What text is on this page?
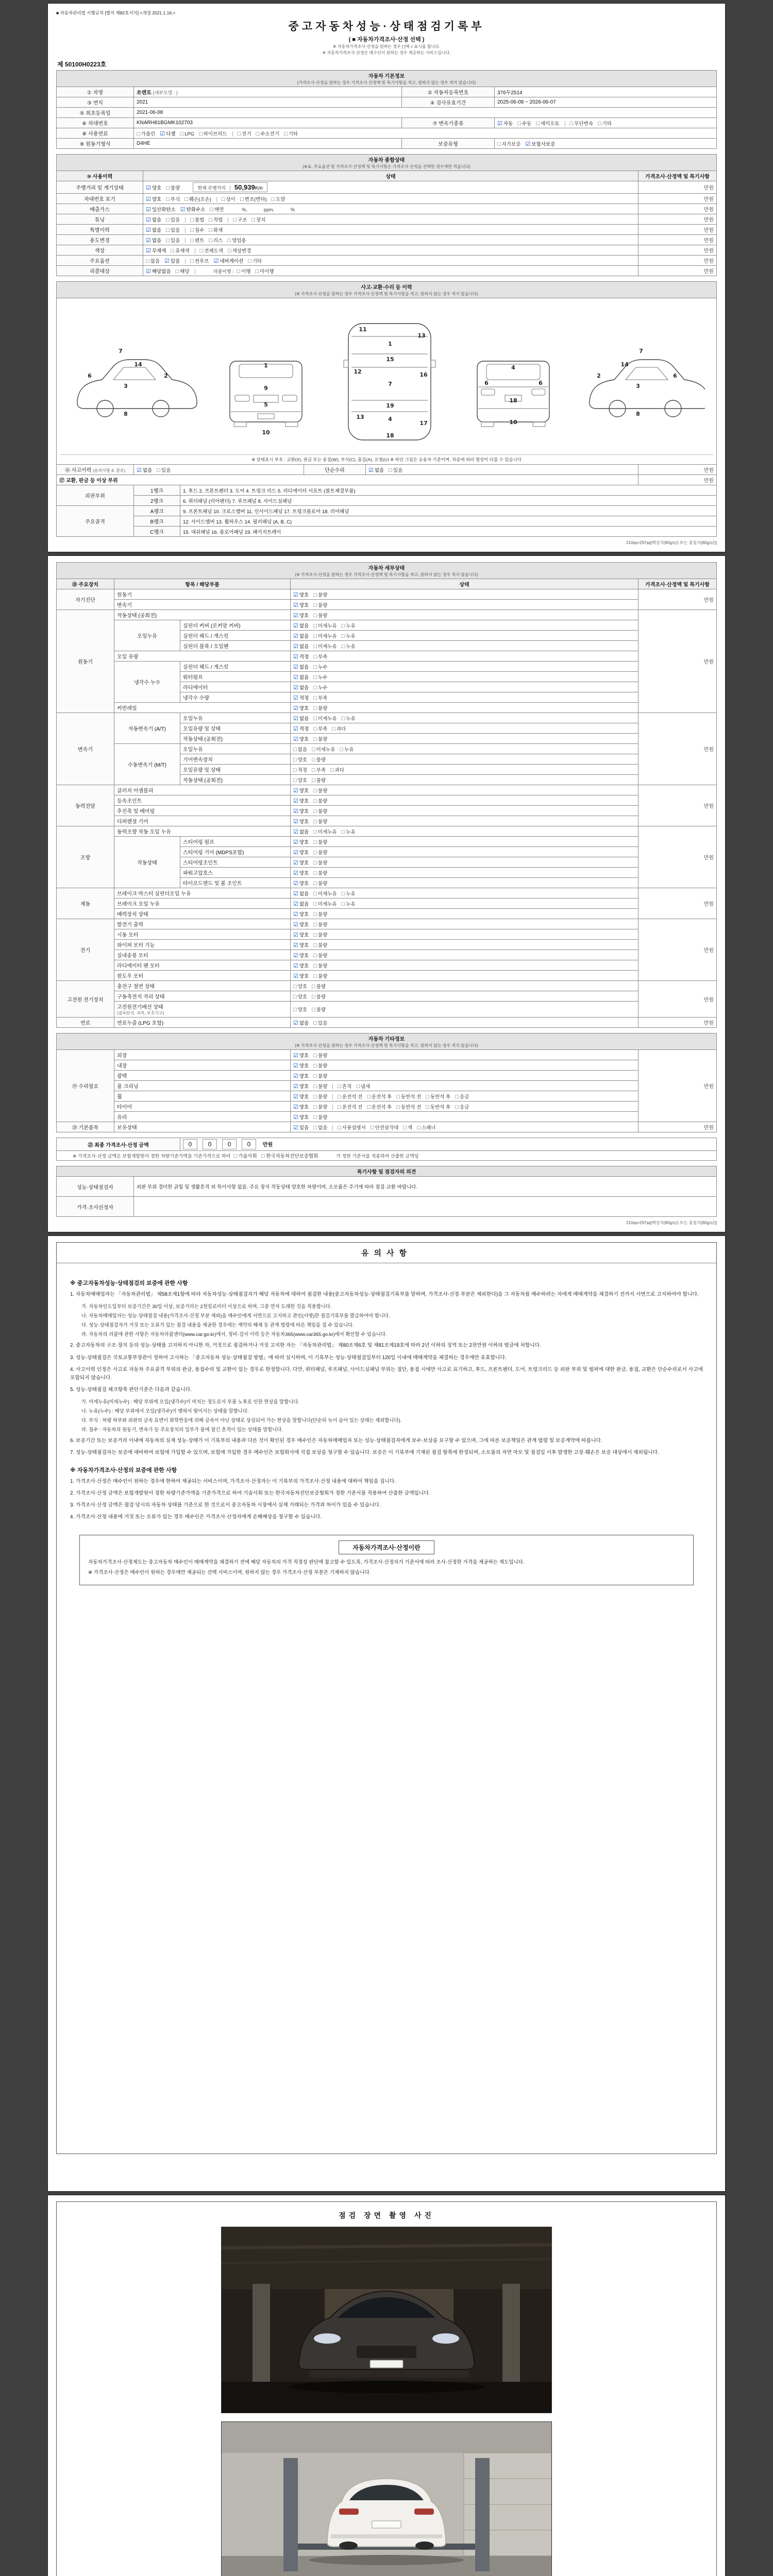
■ 자동차관리법 시행규칙 [별지 제82호서식] <개정 2021.1.16.>
중고자동차성능·상태점검기록부
( ■ 자동차가격조사·산정 선택 )
※ 자동차가격조사·산정을 원하는 경우 [ ]에 √ 표시를 합니다.
※ 자동차가격조사·산정은 매수인이 원하는 경우 제공하는 서비스입니다.
제 50100H0223호
자동차 기본정보
(가격조사·산정을 원하는 경우 가격조사·산정액 및 특기사항을 적고, 원하지 않는 경우 적지 않습니다)			

① 차명	쏘렌토 (세부모델 : )	② 자동차등록번호	376두2514
③ 연식	2021	④ 검사유효기간	2025-06-08 ~ 2026-06-07
⑤ 최초등록일	2021-06-08		
⑥ 차대번호	KNARH81BGMK102703	⑦ 변속기종류	☑ 자동 □ 수동 □ 세미오토 □ 무단변속 □ 기타
⑧ 사용연료	□ 가솔린 ☑ 디젤 □ LPG □ 하이브리드 □ 전기 □ 수소전기 □ 기타		
⑨ 원동기형식	D4HE	보증유형	□ 자가보증 ☑ 보험사보증
자동차 종합상태
(※표, 주요옵션 및 가격조사·산정액 및 특기사항은 가격조사·산정을 선택한 경우에만 적습니다)		

⑩ 사용이력	상태	가격조사·산정액 및 특기사항
주행거리 및 계기상태	☑ 양호 □ 불량 현재 주행거리 50,939Km	만원
차대번호 표기	☑ 양호 □ 부식 □ 훼손(오손) □ 상이 □ 변조(변타) □ 도말	만원
배출가스	☑ 일산화탄소 ☑ 탄화수소 □ 매연 %, ppm, %	만원
튜닝	☑ 없음 □ 있음 □ 불법 □ 적법 □ 구조 □ 장치	만원
특별이력	☑ 없음 □ 있음 □ 침수 □ 화재	만원
용도변경	☑ 없음 □ 있음 □ 렌트 □ 리스 □ 영업용	만원
색상	☑ 무채색 □ 유채색 □ 전체도색 □ 색상변경	만원
주요옵션	□ 없음 ☑ 있음 □ 썬루프 ☑ 네비게이션 □ 기타	만원
리콜대상	☑ 해당없음 □ 해당 리콜이행 : □ 이행 □ 미이행	만원
사고·교환·수리 등 이력
(※ 가격조사·산정을 원하는 경우 가격조사·산정액 및 특기사항을 적고, 원하지 않는 경우 적지 않습니다)
7
14
6
3
2
8
1
9
5
10
11
13
1
15
12	16
7
19
13	4
17
18
4
6	6
18
10
2
7
14
3
6
8
※ 상태표시 부호 : 교환(X), 판금 또는 용접(W), 부식(C), 흠집(A), 요철(U) ※ 하단 그림은 승용차 기준이며, 차종에 따라 형상이 다를 수 있습니다
⑯ 사고이력 (유의사항 4. 참조)	☑ 없음 □ 있음	단순수리	☑ 없음 □ 있음	만원
⑰ 교환, 판금 등 이상 부위			만원
외판부위	1랭크	1. 후드 2. 프론트펜더 3. 도어 4. 트렁크 리드 5. 라디에이터 서포트 (볼트체결부품)	
	2랭크	6. 쿼터패널 (리어펜더) 7. 루프패널 8. 사이드실패널	
주요골격	A랭크	9. 프론트패널 10. 크로스멤버 11. 인사이드패널 17. 트렁크플로어 18. 리어패널	
	B랭크	12. 사이드멤버 13. 휠하우스 14. 필러패널 (A, B, C)	
	C랭크	15. 대쉬패널 16. 플로어패널 19. 패키지트레이	
210㎜×297㎜[백상지(80g/㎡) 또는 중질지(80g/㎡)]
자동차 세부상태
(※ 가격조사·산정을 원하는 경우 가격조사·산정액 및 특기사항을 적고, 원하지 않는 경우 적지 않습니다)				

⑱ 주요장치	항목 / 해당부품		상태	가격조사·산정액 및 특기사항
자기진단	원동기		☑ 양호 □ 불량	만원
	변속기		☑ 양호 □ 불량	
원동기	작동상태 (공회전)		☑ 양호 □ 불량	만원
	오일누유	실린더 커버 (로커암 커버)	☑ 없음 □ 미세누유 □ 누유	
		실린더 헤드 / 개스킷	☑ 없음 □ 미세누유 □ 누유	
		실린더 블록 / 오일팬	☑ 없음 □ 미세누유 □ 누유	
	오일 유량		☑ 적정 □ 부족	
	냉각수 누수	실린더 헤드 / 개스킷	☑ 없음 □ 누수	
		워터펌프	☑ 없음 □ 누수	
		라디에이터	☑ 없음 □ 누수	
		냉각수 수량	☑ 적정 □ 부족	
	커먼레일		☑ 양호 □ 불량	
변속기	자동변속기 (A/T)	오일누유	☑ 없음 □ 미세누유 □ 누유	만원
		오일유량 및 상태	☑ 적정 □ 부족 □ 과다	
		작동상태 (공회전)	☑ 양호 □ 불량	
	수동변속기 (M/T)	오일누유	□ 없음 □ 미세누유 □ 누유	
		기어변속장치	□ 양호 □ 불량	
		오일유량 및 상태	□ 적정 □ 부족 □ 과다	
		작동상태 (공회전)	□ 양호 □ 불량	
동력전달	클러치 어셈블리		☑ 양호 □ 불량	만원
	등속조인트		☑ 양호 □ 불량	
	추진축 및 베어링		☑ 양호 □ 불량	
	디퍼렌셜 기어		☑ 양호 □ 불량	
조향	동력조향 작동 오일 누유		☑ 없음 □ 미세누유 □ 누유	만원
	작동상태	스티어링 펌프	☑ 양호 □ 불량	
		스티어링 기어 (MDPS포함)	☑ 양호 □ 불량	
		스티어링조인트	☑ 양호 □ 불량	
		파워고압호스	☑ 양호 □ 불량	
		타이로드엔드 및 볼 조인트	☑ 양호 □ 불량	
제동	브레이크 마스터 실린더오일 누유		☑ 없음 □ 미세누유 □ 누유	만원
	브레이크 오일 누유		☑ 없음 □ 미세누유 □ 누유	
	배력장치 상태		☑ 양호 □ 불량	
전기	발전기 출력		☑ 양호 □ 불량	만원
	시동 모터		☑ 양호 □ 불량	
	와이퍼 모터 기능		☑ 양호 □ 불량	
	실내송풍 모터		☑ 양호 □ 불량	
	라디에이터 팬 모터		☑ 양호 □ 불량	
	윈도우 모터		☑ 양호 □ 불량	
고전원 전기장치	충전구 절연 상태		□ 양호 □ 불량	만원
	구동축전지 격리 상태		□ 양호 □ 불량	
	고전원전기배선 상태
(접속단자, 피복, 보호기구)		□ 양호 □ 불량	
연료	연료누출 (LPG 포함)		☑ 없음 □ 있음	만원
자동차 기타정보
(※ 가격조사·산정을 원하는 경우 가격조사·산정액 및 특기사항을 적고, 원하지 않는 경우 적지 않습니다)			

⑲ 수리필요	외장	☑ 양호 □ 불량	만원
	내장	☑ 양호 □ 불량	
	광택	☑ 양호 □ 불량	
	룸 크리닝	☑ 양호 □ 불량 □ 흔적 □ 냄새	
	휠	☑ 양호 □ 불량 □ 운전석 전 □ 운전석 후 □ 동반석 전 □ 동반석 후 □ 응급	
	타이어	☑ 양호 □ 불량 □ 운전석 전 □ 운전석 후 □ 동반석 전 □ 동반석 후 □ 응급	
	유리	☑ 양호 □ 불량	
⑳ 기본품목	보유상태	☑ 있음 □ 없음 □ 사용설명서 □ 안전삼각대 □ 잭 □ 스패너	만원
㉑ 최종 가격조사·산정 금액	0	0	0	0 만원
※ 가격조사·산정 금액은 보험개발원이 정한 차량기준가액을 기준가격으로 하여 □ 기술사회 □ 한국자동차진단보증협회	가 정한 기준서를 적용하여 산출한 금액임
특기사항 및 점검자의 의견	
성능·상태점검자	외판 부위 경미한 긁힘 및 생활흔적 외 특이사항 없음. 주요 장치 작동상태 양호한 차량이며, 소모품은 주기에 따라 점검·교환 바랍니다.
가격·조사산정자	
210㎜×297㎜[백상지(80g/㎡) 또는 중질지(80g/㎡)]
유의사항
※ 중고자동차성능·상태점검의 보증에 관한 사항
1. 자동차매매업자는 「자동차관리법」 제58조제1항에 따라 자동차성능·상태점검자가 해당 자동차에 대하여 점검한 내용(중고자동차성능·상태점검기록부를 말하며, 가격조사·산정 부분은 제외한다)을 그 자동차를 매수하려는 자에게 매매계약을 체결하기 전까지 서면으로 고지하여야 합니다.
가. 자동차인도일부터 보증기간은 30일 이상, 보증거리는 2천킬로미터 이상으로 하며, 그중 먼저 도래한 것을 적용합니다.
나. 자동차매매업자는 성능·상태점검 내용(가격조사·산정 부분 제외)을 매수인에게 서면으로 고지하고 관인(서명)한 점검기록부를 발급하여야 합니다.
다. 성능·상태점검자가 거짓 또는 오류가 있는 점검 내용을 제공한 경우에는 계약의 해제 등 관계 법령에 따른 책임을 질 수 있습니다.
라. 자동차의 리콜에 관한 사항은 자동차리콜센터(www.car.go.kr)에서, 정비·검사 이력 등은 자동차365(www.car365.go.kr)에서 확인할 수 있습니다.
2. 중고자동차의 구조·장치 등의 성능·상태를 고지하지 아니한 자, 거짓으로 점검하거나 거짓 고지한 자는 「자동차관리법」 제80조제6호 및 제81조제19호에 따라 2년 이하의 징역 또는 2천만원 이하의 벌금에 처합니다.
3. 성능·상태점검은 국토교통부장관이 정하여 고시하는 「중고자동차 성능·상태점검 방법」에 따라 실시하며, 이 기록부는 성능·상태점검일부터 120일 이내에 매매계약을 체결하는 경우에만 유효합니다.
4. 사고이력 인정은 사고로 자동차 주요골격 부위의 판금, 용접수리 및 교환이 있는 경우로 한정합니다. 다만, 쿼터패널, 루프패널, 사이드실패널 부위는 절단, 용접 시에만 사고로 표기하고, 후드, 프론트펜더, 도어, 트렁크리드 등 외판 부위 및 범퍼에 대한 판금, 용접, 교환은 단순수리로서 사고에 포함되지 않습니다.
5. 성능·상태점검 체크항목 판단기준은 다음과 같습니다.
가. 미세누유(미세누수) : 해당 부위에 오일(냉각수)이 비치는 정도로서 부품 노후로 인한 현상을 말합니다.
나. 누유(누수) : 해당 부위에서 오일(냉각수)이 맺혀서 떨어지는 상태를 말합니다.
다. 부식 : 차량 하부와 외판의 금속 표면이 화학반응에 의해 금속이 아닌 상태로 상실되어 가는 현상을 말합니다(단순히 녹이 슬어 있는 상태는 제외합니다).
라. 침수 : 자동차의 원동기, 변속기 등 주요장치의 일부가 물에 잠긴 흔적이 있는 상태를 말합니다.
6. 보증기간 또는 보증거리 이내에 자동차의 실제 성능·상태가 이 기록부의 내용과 다른 것이 확인된 경우 매수인은 자동차매매업자 또는 성능·상태점검자에게 보수·보상을 요구할 수 있으며, 그에 따른 보증책임은 관계 법령 및 보증계약에 따릅니다.
7. 성능·상태점검자는 보증에 대비하여 보험에 가입할 수 있으며, 보험에 가입한 경우 매수인은 보험회사에 직접 보상을 청구할 수 있습니다. 보증은 이 기록부에 기재된 점검 항목에 한정되며, 소모품의 자연 마모 및 점검일 이후 발생한 고장·훼손은 보증 대상에서 제외됩니다.
※ 자동차가격조사·산정의 보증에 관한 사항
1. 가격조사·산정은 매수인이 원하는 경우에 한하여 제공되는 서비스이며, 가격조사·산정자는 이 기록부의 가격조사·산정 내용에 대하여 책임을 집니다.
2. 가격조사·산정 금액은 보험개발원이 정한 차량기준가액을 기준가격으로 하여 기술사회 또는 한국자동차진단보증협회가 정한 기준서를 적용하여 산출한 금액입니다.
3. 가격조사·산정 금액은 점검 당시의 자동차 상태를 기준으로 한 것으로서 중고자동차 시장에서 실제 거래되는 가격과 차이가 있을 수 있습니다.
4. 가격조사·산정 내용에 거짓 또는 오류가 있는 경우 매수인은 가격조사·산정자에게 손해배상을 청구할 수 있습니다.
자동차가격조사·산정이란
자동차가격조사·산정제도는 중고자동차 매수인이 매매계약을 체결하기 전에 해당 자동차의 가격 적정성 판단에 참고할 수 있도록, 가격조사·산정자가 기준서에 따라 조사·산정한 가격을 제공하는 제도입니다.
※ 가격조사·산정은 매수인이 원하는 경우에만 제공되는 선택 서비스이며, 원하지 않는 경우 가격조사·산정 부분은 기재하지 않습니다.
점검 장면 촬영 사진
